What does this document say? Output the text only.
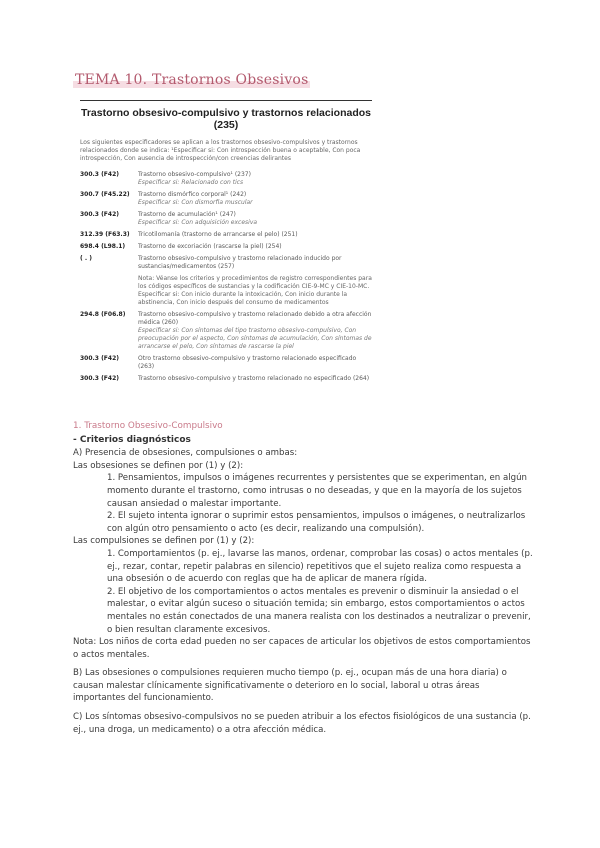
TEMA 10. Trastornos Obsesivos
Trastorno obsesivo-compulsivo y trastornos relacionados (235)
Los siguientes especificadores se aplican a los trastornos obsesivo-compulsivos y trastornos relacionados donde se indica: ¹Especificar si: Con introspección buena o aceptable, Con poca introspección, Con ausencia de introspección/con creencias delirantes
300.3 (F42)	Trastorno obsesivo-compulsivo¹ (237)
Especificar si: Relacionado con tics
300.7 (F45.22)	Trastorno dismórfico corporal¹ (242)
Especificar si: Con dismorfia muscular
300.3 (F42)	Trastorno de acumulación¹ (247)
Especificar si: Con adquisición excesiva
312.39 (F63.3)	Tricotilomanía (trastorno de arrancarse el pelo) (251)
698.4 (L98.1)	Trastorno de excoriación (rascarse la piel) (254)
( . )	Trastorno obsesivo-compulsivo y trastorno relacionado inducido por sustancias/medicamentos (257)
Nota: Véanse los criterios y procedimientos de registro correspondientes para los códigos específicos de sustancias y la codificación CIE-9-MC y CIE-10-MC. Especificar si: Con inicio durante la intoxicación, Con inicio durante la abstinencia, Con inicio después del consumo de medicamentos
294.8 (F06.8)	Trastorno obsesivo-compulsivo y trastorno relacionado debido a otra afección médica (260)
Especificar si: Con síntomas del tipo trastorno obsesivo-compulsivo, Con preocupación por el aspecto, Con síntomas de acumulación, Con síntomas de arrancarse el pelo, Con síntomas de rascarse la piel
300.3 (F42)	Otro trastorno obsesivo-compulsivo y trastorno relacionado especificado (263)
300.3 (F42)	Trastorno obsesivo-compulsivo y trastorno relacionado no especificado (264)
1. Trastorno Obsesivo-Compulsivo
- Criterios diagnósticos

A) Presencia de obsesiones, compulsiones o ambas:

Las obsesiones se definen por (1) y (2):

1. Pensamientos, impulsos o imágenes recurrentes y persistentes que se experimentan, en algún momento durante el trastorno, como intrusas o no deseadas, y que en la mayoría de los sujetos causan ansiedad o malestar importante.

2. El sujeto intenta ignorar o suprimir estos pensamientos, impulsos o imágenes, o neutralizarlos con algún otro pensamiento o acto (es decir, realizando una compulsión).

Las compulsiones se definen por (1) y (2):

1. Comportamientos (p. ej., lavarse las manos, ordenar, comprobar las cosas) o actos mentales (p. ej., rezar, contar, repetir palabras en silencio) repetitivos que el sujeto realiza como respuesta a una obsesión o de acuerdo con reglas que ha de aplicar de manera rígida.

2. El objetivo de los comportamientos o actos mentales es prevenir o disminuir la ansiedad o el malestar, o evitar algún suceso o situación temida; sin embargo, estos comportamientos o actos mentales no están conectados de una manera realista con los destinados a neutralizar o prevenir, o bien resultan claramente excesivos.

Nota: Los niños de corta edad pueden no ser capaces de articular los objetivos de estos comportamientos o actos mentales.

B) Las obsesiones o compulsiones requieren mucho tiempo (p. ej., ocupan más de una hora diaria) o causan malestar clínicamente significativamente o deterioro en lo social, laboral u otras áreas importantes del funcionamiento.

C) Los síntomas obsesivo-compulsivos no se pueden atribuir a los efectos fisiológicos de una sustancia (p. ej., una droga, un medicamento) o a otra afección médica.
